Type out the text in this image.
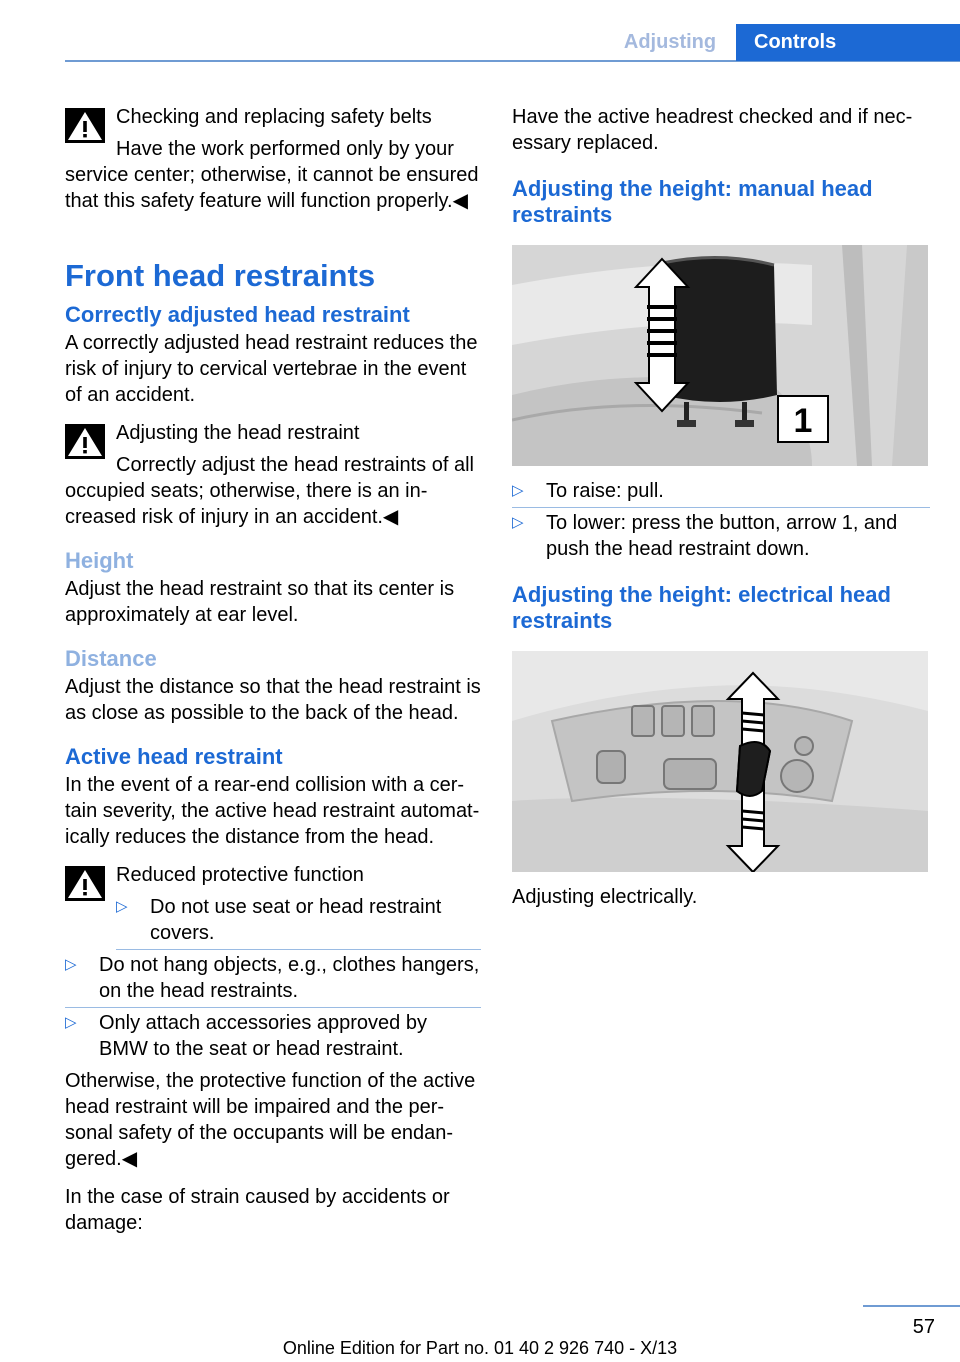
Adjusting	Controls

Checking and replacing safety belts

Have the work performed only by your service center; otherwise, it cannot be ensured that this safety feature will function properly.◀

Front head restraints

Correctly adjusted head restraint

A correctly adjusted head restraint reduces the risk of injury to cervical vertebrae in the event of an accident.

Adjusting the head restraint

Correctly adjust the head restraints of all occupied seats; otherwise, there is an in‐creased risk of injury in an accident.◀

Height

Adjust the head restraint so that its center is approximately at ear level.

Distance

Adjust the distance so that the head restraint is as close as possible to the back of the head.

Active head restraint

In the event of a rear-end collision with a cer‐tain severity, the active head restraint automat‐ically reduces the distance from the head.

Reduced protective function

▷ Do not use seat or head restraint covers.
▷ Do not hang objects, e.g., clothes hangers, on the head restraints.
▷ Only attach accessories approved by BMW to the seat or head restraint.

Otherwise, the protective function of the active head restraint will be impaired and the per‐sonal safety of the occupants will be endan‐gered.◀

In the case of strain caused by accidents or damage:

Have the active headrest checked and if nec‐essary replaced.

Adjusting the height: manual head restraints

1
▷ To raise: pull.
▷ To lower: press the button, arrow 1, and push the head restraint down.

Adjusting the height: electrical head restraints

Adjusting electrically.

57
Online Edition for Part no. 01 40 2 926 740 - X/13
